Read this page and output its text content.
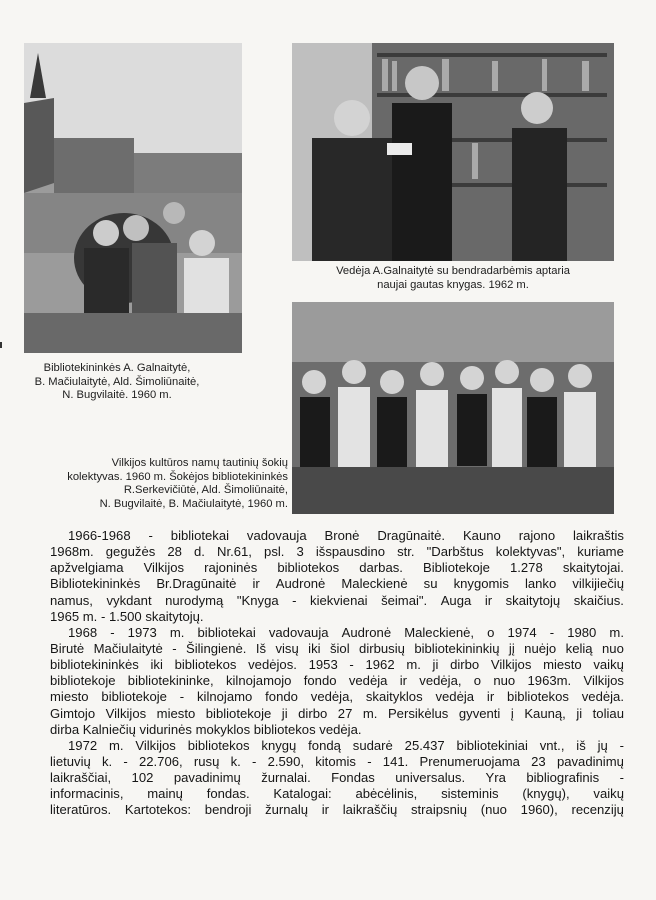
Bibliotekininkės A. Galnaitytė,
B. Mačiulaitytė, Ald. Šimoliūnaitė,
N. Bugvilaitė. 1960 m.
Vedėja A.Galnaitytė su bendradarbėmis aptaria
naujai gautas knygas. 1962 m.
Vilkijos kultūros namų tautinių šokių
kolektyvas. 1960 m. Šokėjos bibliotekininkės
R.Serkevičiūtė, Ald. Šimoliūnaitė,
N. Bugvilaitė, B. Mačiulaitytė, 1960 m.
1966-1968 - bibliotekai vadovauja Bronė Dragūnaitė. Kauno rajono laikraštis
1968m. gegužės 28 d. Nr.61, psl. 3 išspausdino str. "Darbštus kolektyvas", kuriame
apžvelgiama Vilkijos rajoninės bibliotekos darbas. Bibliotekoje 1.278 skaitytojai.
Bibliotekininkės Br.Dragūnaitė ir Audronė Maleckienė su knygomis lanko vilkijiečių
namus, vykdant nurodymą "Knyga - kiekvienai šeimai". Auga ir skaitytojų skaičius.
1965 m. - 1.500 skaitytojų.
1968 - 1973 m. bibliotekai vadovauja Audronė Maleckienė, o 1974 - 1980 m.
Birutė Mačiulaitytė - Šilingienė. Iš visų iki šiol dirbusių bibliotekininkių jį nuėjo kelią nuo
bibliotekininkės iki bibliotekos vedėjos. 1953 - 1962 m. ji dirbo Vilkijos miesto vaikų
bibliotekoje bibliotekininke, kilnojamojo fondo vedėja ir vedėja, o nuo 1963m. Vilkijos
miesto bibliotekoje - kilnojamo fondo vedėja, skaityklos vedėja ir bibliotekos vedėja.
Gimtojo Vilkijos miesto bibliotekoje ji dirbo 27 m. Persikėlus gyventi į Kauną, ji toliau
dirba Kalniečių vidurinės mokyklos bibliotekos vedėja.
1972 m. Vilkijos bibliotekos knygų fondą sudarė 25.437 bibliotekiniai vnt., iš jų -
lietuvių k. - 22.706, rusų k. - 2.590, kitomis - 141. Prenumeruojama 23 pavadinimų
laikraščiai, 102 pavadinimų žurnalai. Fondas universalus. Yra bibliografinis -
informacinis, mainų fondas. Katalogai: abėcėlinis, sisteminis (knygų), vaikų
literatūros. Kartotekos: bendroji žurnalų ir laikraščių straipsnių (nuo 1960), recenzijų
